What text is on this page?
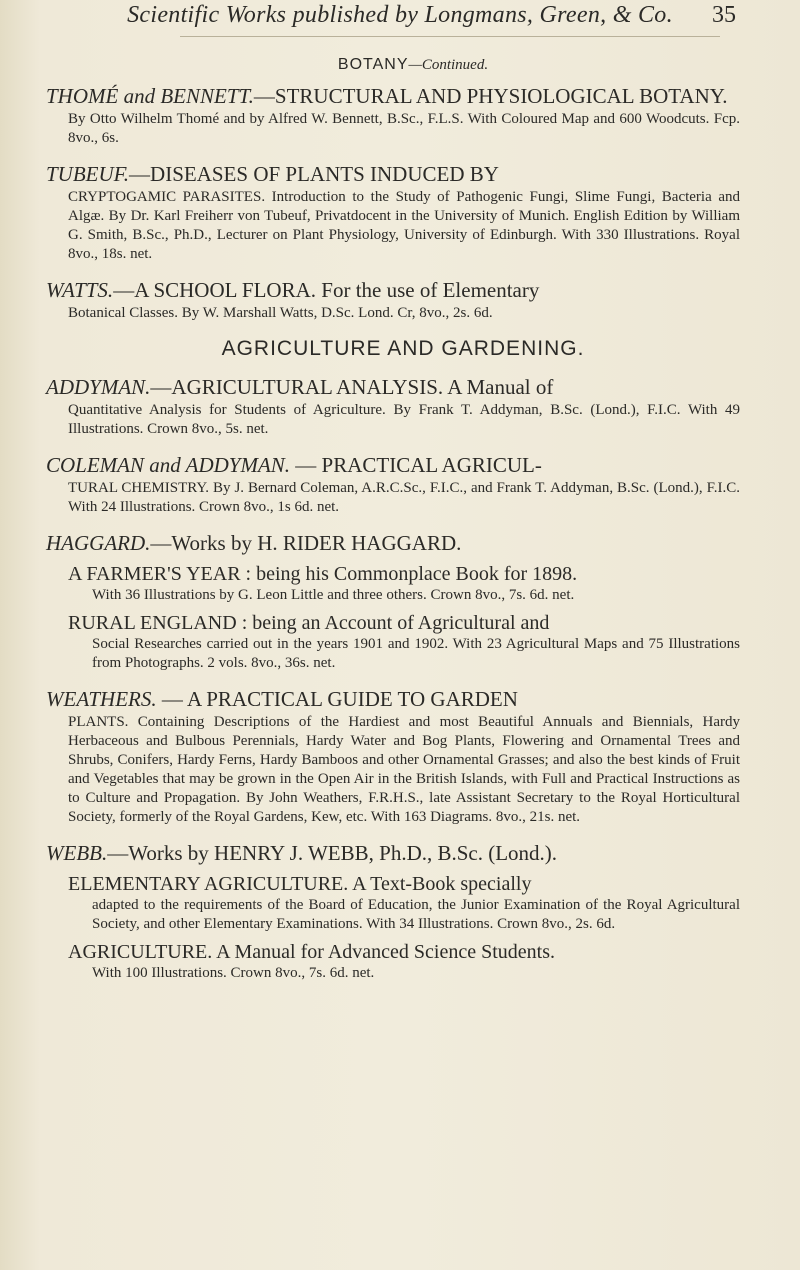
Scientific Works published by Longmans, Green, & Co.	35
BOTANY—Continued.
THOMÉ and BENNETT.—STRUCTURAL AND PHYSIOLOGICAL BOTANY.
By Otto Wilhelm Thomé and by Alfred W. Bennett, B.Sc., F.L.S. With Coloured Map and 600 Woodcuts. Fcp. 8vo., 6s.
TUBEUF.—DISEASES OF PLANTS INDUCED BY
CRYPTOGAMIC PARASITES. Introduction to the Study of Pathogenic Fungi, Slime Fungi, Bacteria and Algæ. By Dr. Karl Freiherr von Tubeuf, Privatdocent in the University of Munich. English Edition by William G. Smith, B.Sc., Ph.D., Lecturer on Plant Physiology, University of Edinburgh. With 330 Illustrations. Royal 8vo., 18s. net.
WATTS.—A SCHOOL FLORA. For the use of Elementary
Botanical Classes. By W. Marshall Watts, D.Sc. Lond. Cr, 8vo., 2s. 6d.
AGRICULTURE AND GARDENING.
ADDYMAN.—AGRICULTURAL ANALYSIS. A Manual of
Quantitative Analysis for Students of Agriculture. By Frank T. Addyman, B.Sc. (Lond.), F.I.C. With 49 Illustrations. Crown 8vo., 5s. net.
COLEMAN and ADDYMAN. — PRACTICAL AGRICUL-
TURAL CHEMISTRY. By J. Bernard Coleman, A.R.C.Sc., F.I.C., and Frank T. Addyman, B.Sc. (Lond.), F.I.C. With 24 Illustrations. Crown 8vo., 1s 6d. net.
HAGGARD.—Works by H. RIDER HAGGARD.
A FARMER'S YEAR : being his Commonplace Book for 1898.
With 36 Illustrations by G. Leon Little and three others. Crown 8vo., 7s. 6d. net.
RURAL ENGLAND : being an Account of Agricultural and
Social Researches carried out in the years 1901 and 1902. With 23 Agricultural Maps and 75 Illustrations from Photographs. 2 vols. 8vo., 36s. net.
WEATHERS. — A PRACTICAL GUIDE TO GARDEN
PLANTS. Containing Descriptions of the Hardiest and most Beautiful Annuals and Biennials, Hardy Herbaceous and Bulbous Perennials, Hardy Water and Bog Plants, Flowering and Ornamental Trees and Shrubs, Conifers, Hardy Ferns, Hardy Bamboos and other Ornamental Grasses; and also the best kinds of Fruit and Vegetables that may be grown in the Open Air in the British Islands, with Full and Practical Instructions as to Culture and Propagation. By John Weathers, F.R.H.S., late Assistant Secretary to the Royal Horticultural Society, formerly of the Royal Gardens, Kew, etc. With 163 Diagrams. 8vo., 21s. net.
WEBB.—Works by HENRY J. WEBB, Ph.D., B.Sc. (Lond.).
ELEMENTARY AGRICULTURE. A Text-Book specially
adapted to the requirements of the Board of Education, the Junior Examination of the Royal Agricultural Society, and other Elementary Examinations. With 34 Illustrations. Crown 8vo., 2s. 6d.
AGRICULTURE. A Manual for Advanced Science Students.
With 100 Illustrations. Crown 8vo., 7s. 6d. net.
